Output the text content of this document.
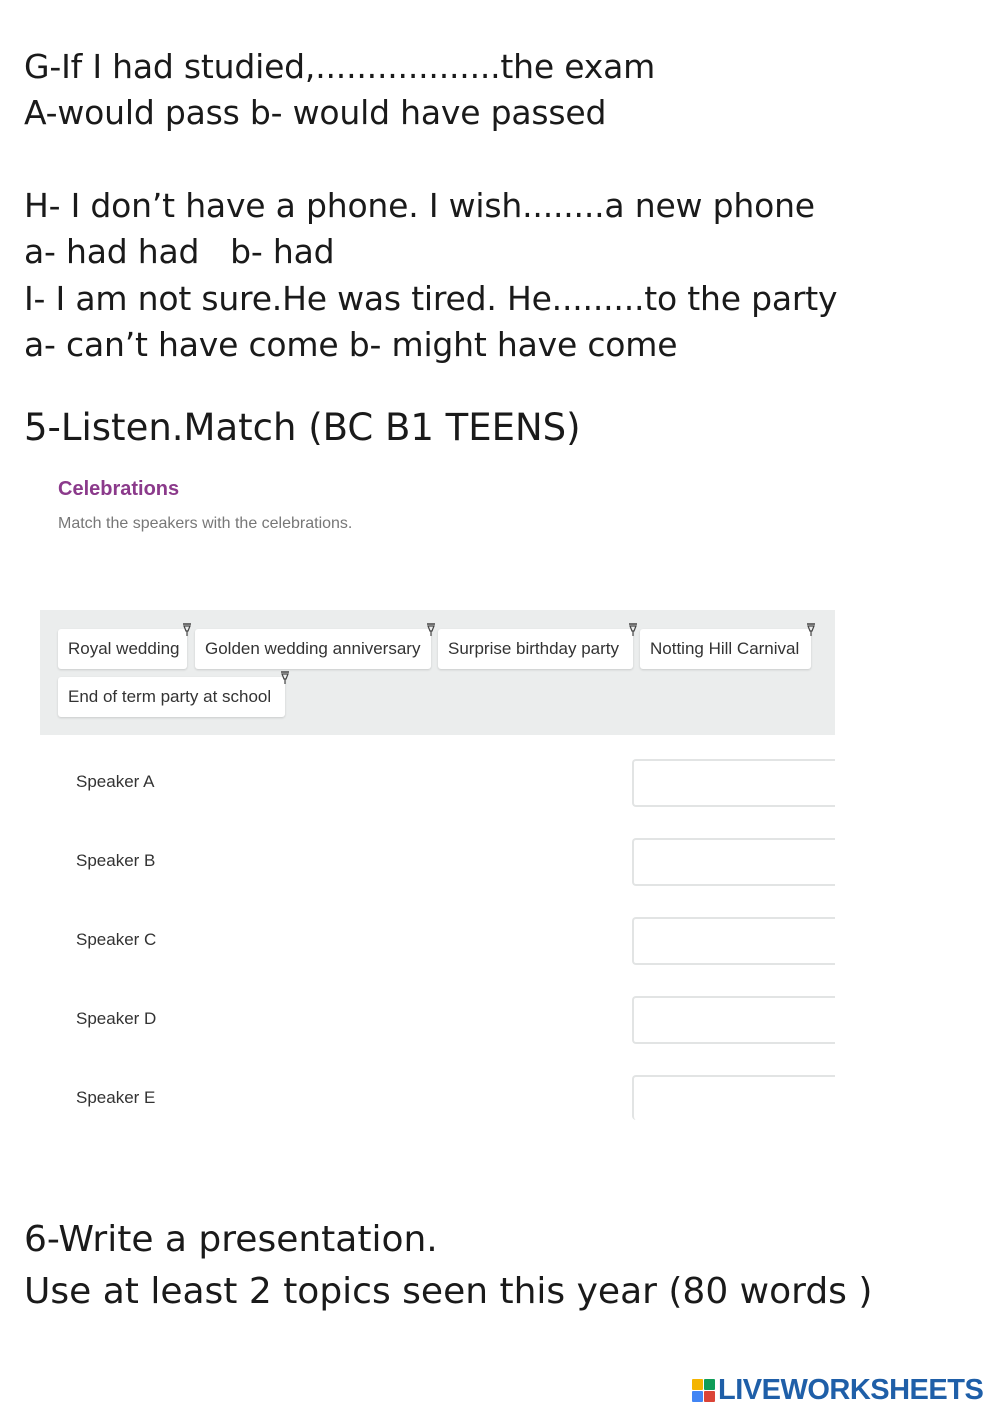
G-If I had studied,..................the exam
A-would pass b- would have passed
H- I don’t have a phone. I wish........a new phone
a- had had   b- had
I- I am not sure.He was tired. He.........to the party
a- can’t have come b- might have come
5-Listen.Match (BC B1 TEENS)
Celebrations
Match the speakers with the celebrations.
Royal wedding	Golden wedding anniversary	Surprise birthday party	Notting Hill Carnival
End of term party at school
Speaker A
Speaker B
Speaker C
Speaker D
Speaker E
6-Write a presentation.
Use at least 2 topics seen this year (80 words )
LIVEWORKSHEETS
